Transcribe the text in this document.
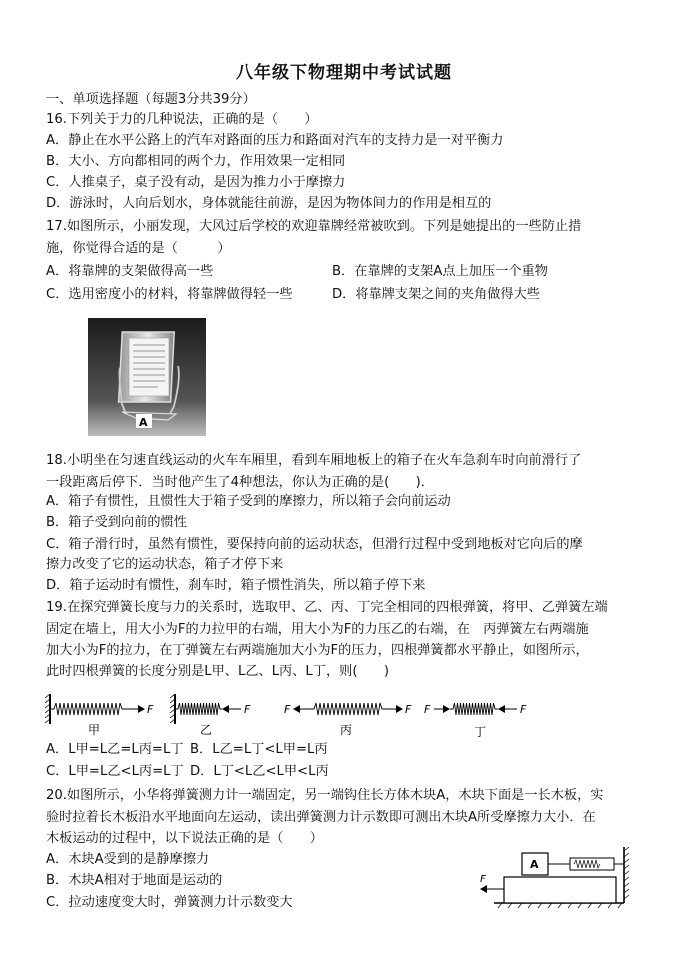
八年级下物理期中考试试题
一、单项选择题（每题3分共39分）
16.下列关于力的几种说法，正确的是（　　）
A．静止在水平公路上的汽车对路面的压力和路面对汽车的支持力是一对平衡力
B．大小、方向都相同的两个力，作用效果一定相同
C．人推桌子，桌子没有动，是因为推力小于摩擦力
D．游泳时，人向后划水，身体就能往前游，是因为物体间力的作用是相互的
17.如图所示，小丽发现，大风过后学校的欢迎靠牌经常被吹到。下列是她提出的一些防止措
施，你觉得合适的是（　　　）
A．将靠牌的支架做得高一些	B．在靠牌的支架A点上加压一个重物
C．选用密度小的材料，将靠牌做得轻一些	D．将靠牌支架之间的夹角做得大些
A
18.小明坐在匀速直线运动的火车车厢里，看到车厢地板上的箱子在火车急刹车时向前滑行了
一段距离后停下．当时他产生了4种想法，你认为正确的是(　　)．
A．箱子有惯性，且惯性大于箱子受到的摩擦力，所以箱子会向前运动
B．箱子受到向前的惯性
C．箱子滑行时，虽然有惯性，要保持向前的运动状态，但滑行过程中受到地板对它向后的摩
擦力改变了它的运动状态，箱子才停下来
D．箱子运动时有惯性，刹车时，箱子惯性消失，所以箱子停下来
19.在探究弹簧长度与力的关系时，选取甲、乙、丙、丁完全相同的四根弹簧，将甲、乙弹簧左端
固定在墙上，用大小为F的力拉甲的右端，用大小为F的力压乙的右端，在　丙弹簧左右两端施
加大小为F的拉力，在丁弹簧左右两端施加大小为F的压力，四根弹簧都水平静止，如图所示，
此时四根弹簧的长度分别是L甲、L乙、L丙、L丁，则(　　)
F
甲
F
乙
F	F
丙
F	F
丁
A．L甲=L乙=L丙=L丁 B．L乙=L丁<L甲=L丙
C．L甲=L乙<L丙=L丁 D．L丁<L乙<L甲<L丙
20.如图所示，小华将弹簧测力计一端固定，另一端钩住长方体木块A，木块下面是一长木板，实
验时拉着长木板沿水平地面向左运动，读出弹簧测力计示数即可测出木块A所受摩擦力大小．在
木板运动的过程中，以下说法正确的是（　　）
A．木块A受到的是静摩擦力
B．木块A相对于地面是运动的
C．拉动速度变大时，弹簧测力计示数变大
A
F
